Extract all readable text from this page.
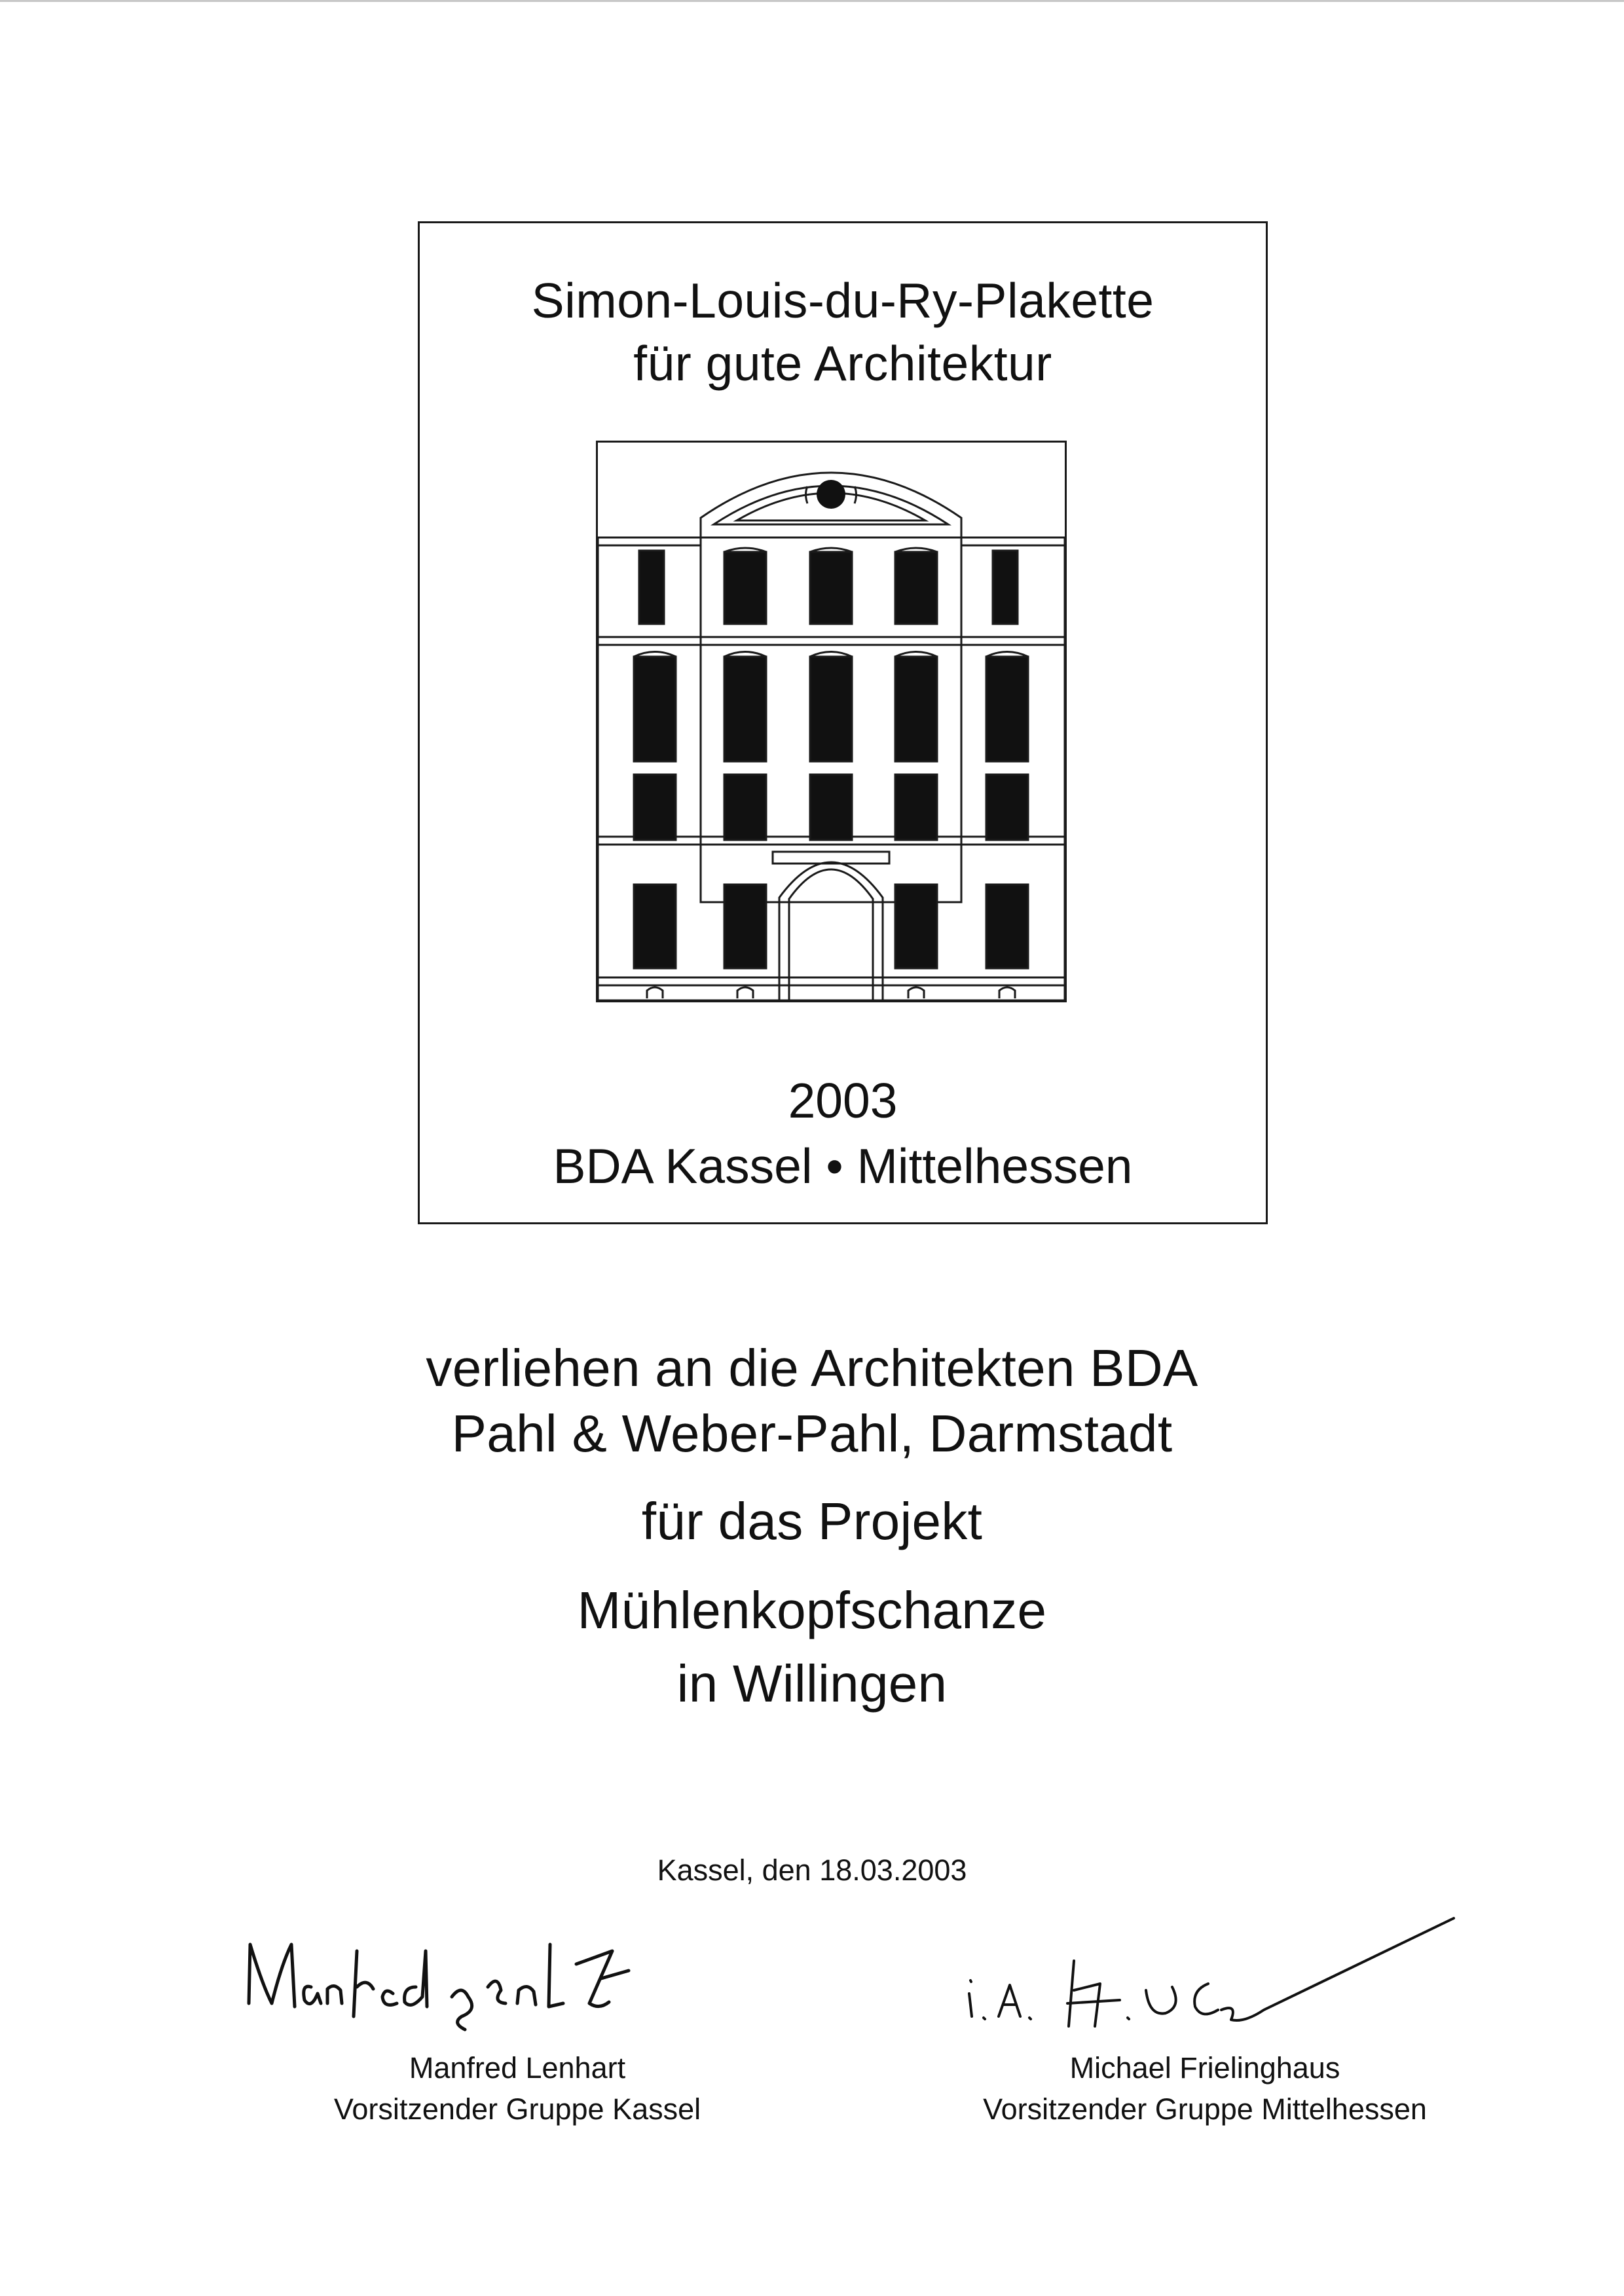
Simon-Louis-du-Ry-Plakette
für gute Architektur
2003
BDA Kassel • Mittelhessen
verliehen an die Architekten BDA
Pahl & Weber-Pahl, Darmstadt
für das Projekt
Mühlenkopfschanze
in Willingen
Kassel, den 18.03.2003
Manfred Lenhart
Vorsitzender Gruppe Kassel
Michael Frielinghaus
Vorsitzender Gruppe Mittelhessen
